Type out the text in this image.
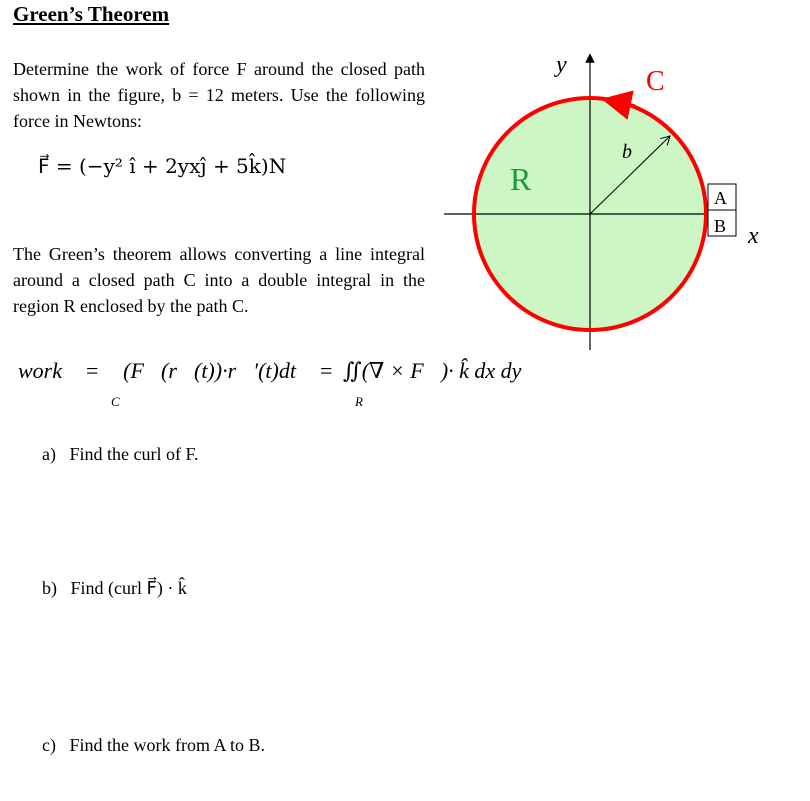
Green’s Theorem
Determine the work of force F around the closed path shown in the figure, b = 12 meters. Use the following force in Newtons:
F⃗ = (−y² î + 2yxĵ + 5k̂)N
The Green’s theorem allows converting a line integral around a closed path C into a double integral in the region R enclosed by the path C.
work = ∮(F⃗(r⃗(t))·r⃗′(t)dt
C
= ∬(∇ × F⃗)· k̂ dx dy
R
A
B
y
x
R
C
b
a) Find the curl of F.
b) Find (curl F⃗) · k̂
c) Find the work from A to B.
